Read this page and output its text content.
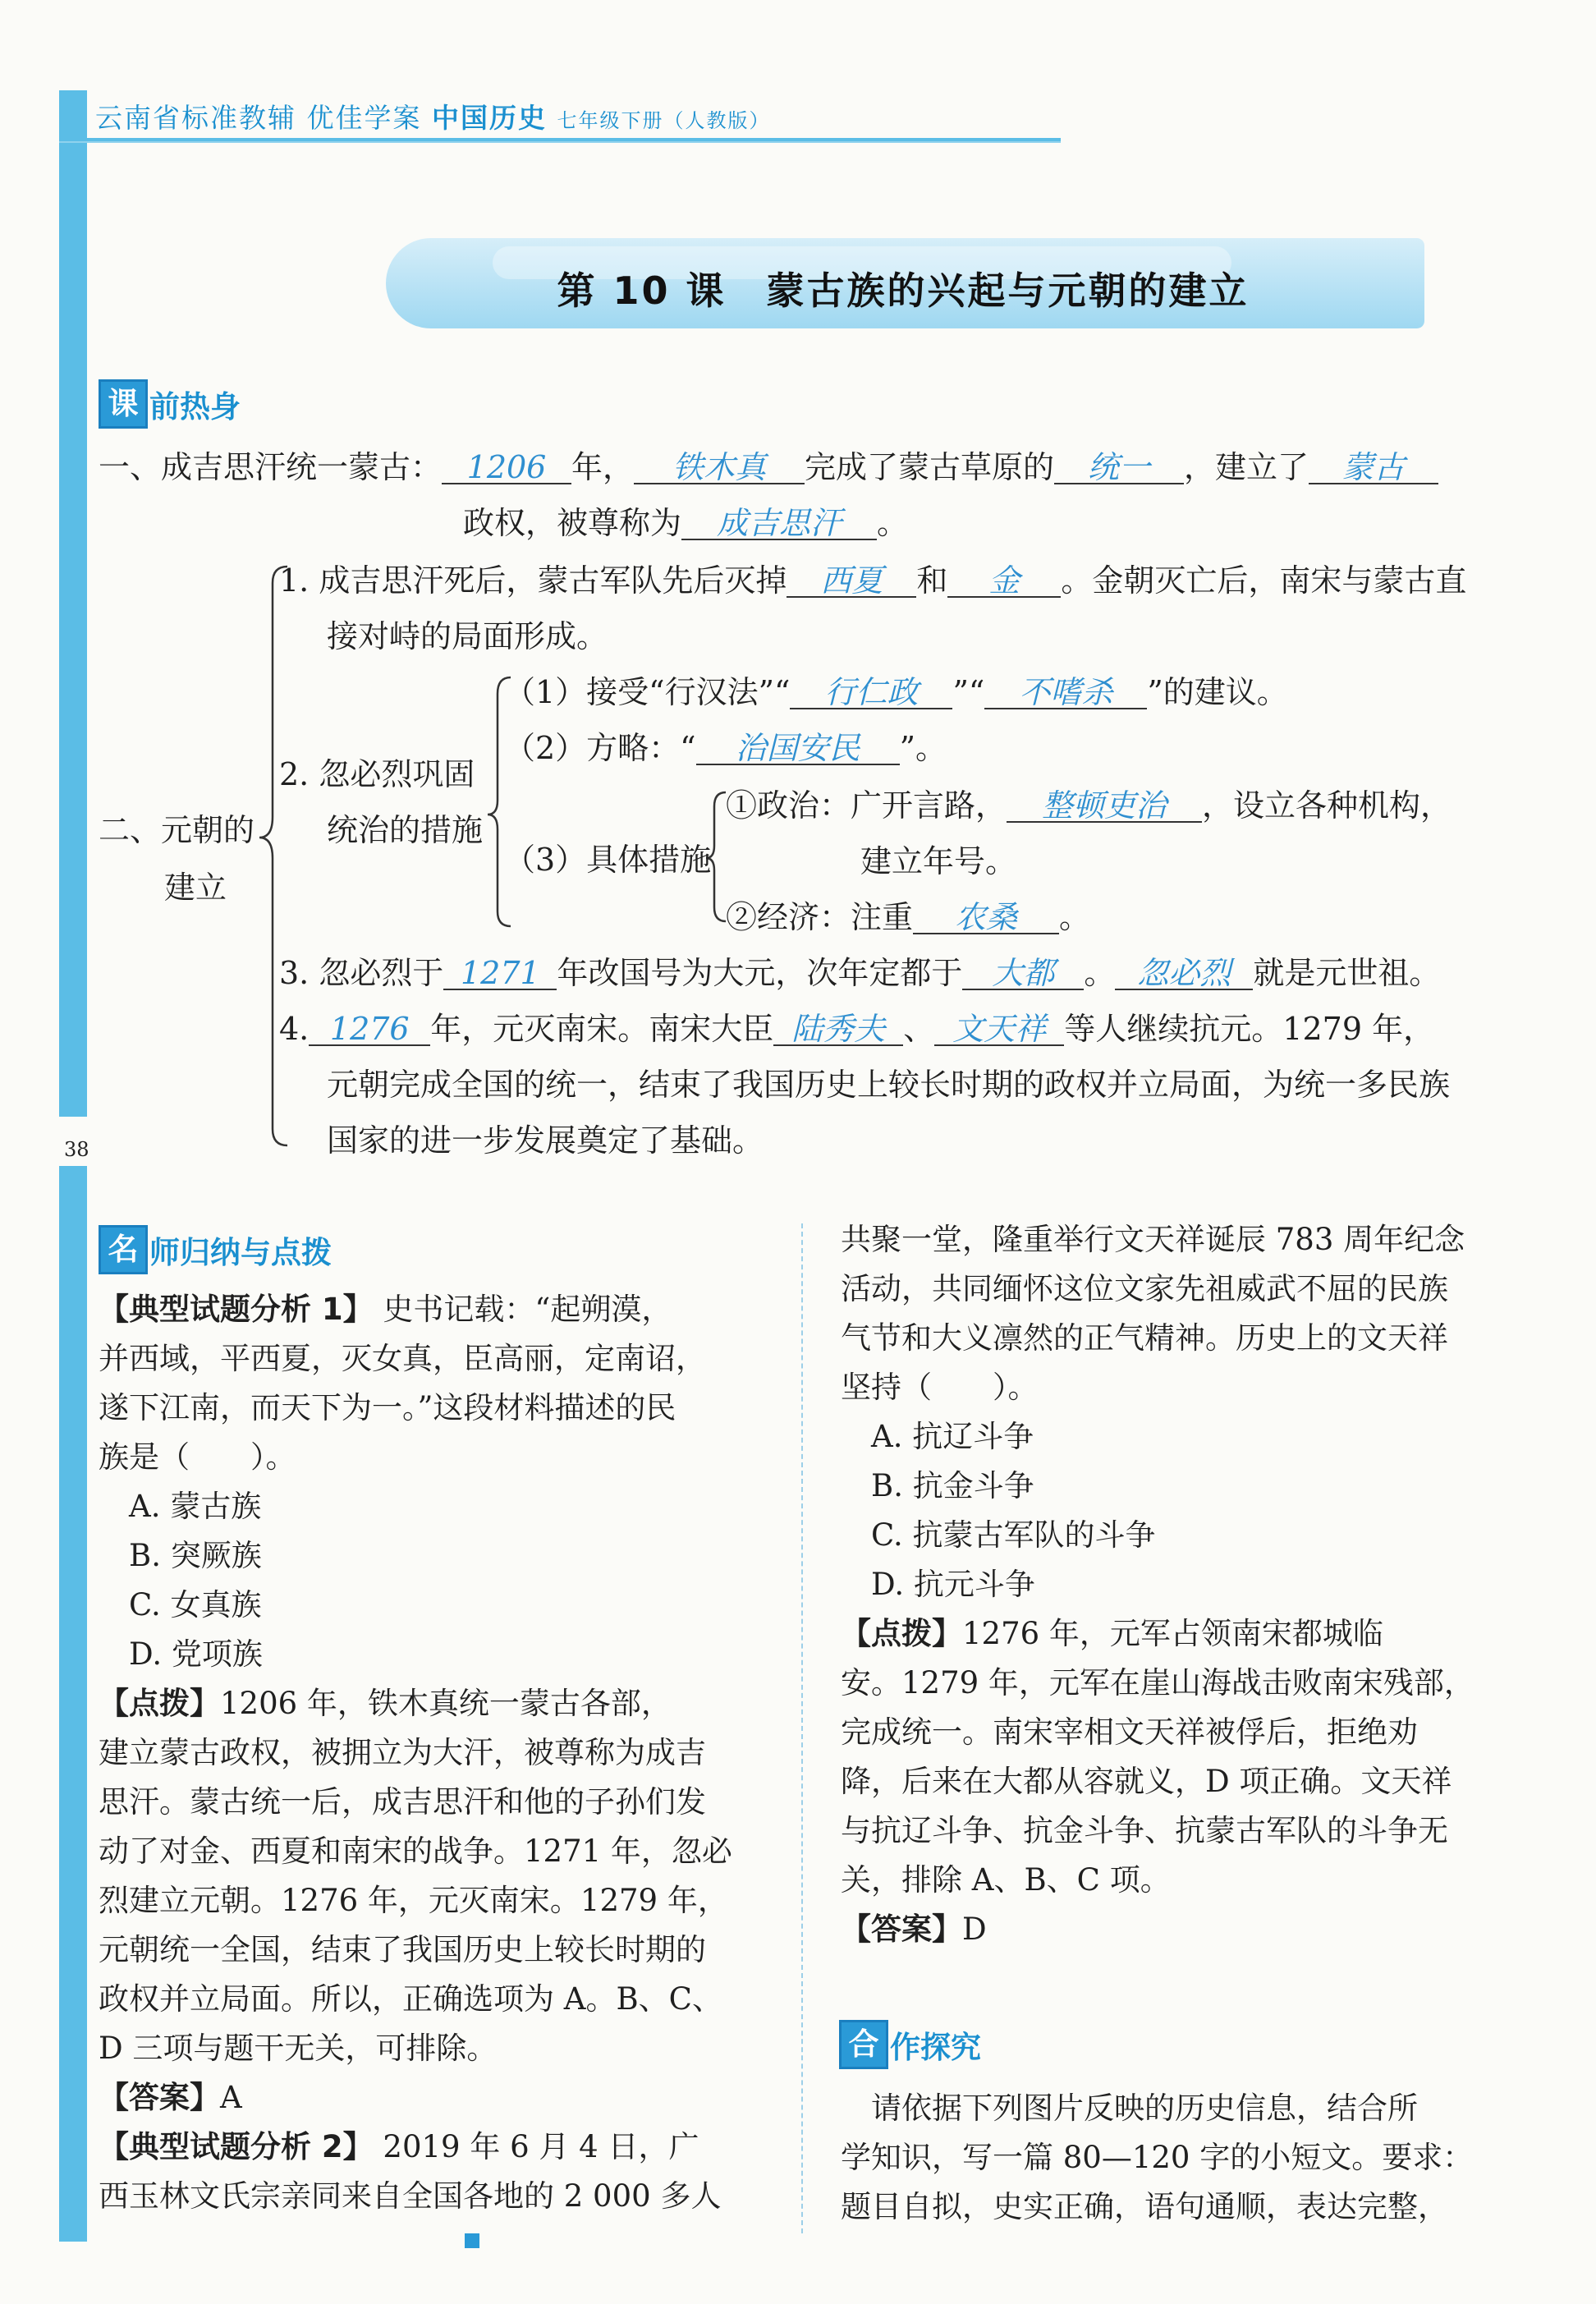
云南省标准教辅 优佳学案 中国历史 七年级下册（人教版）
38
第 10 课　蒙古族的兴起与元朝的建立
课 前热身
一、成吉思汗统一蒙古： 1206 年， 铁木真 完成了蒙古草原的 统一 ，建立了 蒙古
政权，被尊称为 成吉思汗 。
二、元朝的
建立
1. 成吉思汗死后，蒙古军队先后灭掉 西夏 和 金 。金朝灭亡后，南宋与蒙古直
接对峙的局面形成。
2. 忽必烈巩固
统治的措施
（1）接受“行汉法”“ 行仁政 ”“ 不嗜杀 ”的建议。
（2）方略：“ 治国安民 ”。
（3）具体措施
①政治：广开言路， 整顿吏治 ，设立各种机构，
建立年号。
②经济：注重 农桑 。
3. 忽必烈于 1271 年改国号为大元，次年定都于 大都 。 忽必烈 就是元世祖。
4. 1276 年，元灭南宋。南宋大臣 陆秀夫 、 文天祥 等人继续抗元。1279 年，
元朝完成全国的统一，结束了我国历史上较长时期的政权并立局面，为统一多民族
国家的进一步发展奠定了基础。
名 师归纳与点拨
【典型试题分析 1】 史书记载：“起朔漠，
并西域，平西夏，灭女真，臣高丽，定南诏，
遂下江南，而天下为一。”这段材料描述的民
族是（　　）。
　A. 蒙古族
　B. 突厥族
　C. 女真族
　D. 党项族
【点拨】1206 年，铁木真统一蒙古各部，
建立蒙古政权，被拥立为大汗，被尊称为成吉
思汗。蒙古统一后，成吉思汗和他的子孙们发
动了对金、西夏和南宋的战争。1271 年，忽必
烈建立元朝。1276 年，元灭南宋。1279 年，
元朝统一全国，结束了我国历史上较长时期的
政权并立局面。所以，正确选项为 A。B、C、
D 三项与题干无关，可排除。
【答案】A
【典型试题分析 2】 2019 年 6 月 4 日，广
西玉林文氏宗亲同来自全国各地的 2 000 多人
共聚一堂，隆重举行文天祥诞辰 783 周年纪念
活动，共同缅怀这位文家先祖威武不屈的民族
气节和大义凛然的正气精神。历史上的文天祥
坚持（　　）。
　A. 抗辽斗争
　B. 抗金斗争
　C. 抗蒙古军队的斗争
　D. 抗元斗争
【点拨】1276 年，元军占领南宋都城临
安。1279 年，元军在崖山海战击败南宋残部，
完成统一。南宋宰相文天祥被俘后，拒绝劝
降，后来在大都从容就义，D 项正确。文天祥
与抗辽斗争、抗金斗争、抗蒙古军队的斗争无
关，排除 A、B、C 项。
【答案】D
合 作探究
　请依据下列图片反映的历史信息，结合所
学知识，写一篇 80—120 字的小短文。要求：
题目自拟，史实正确，语句通顺，表达完整，
